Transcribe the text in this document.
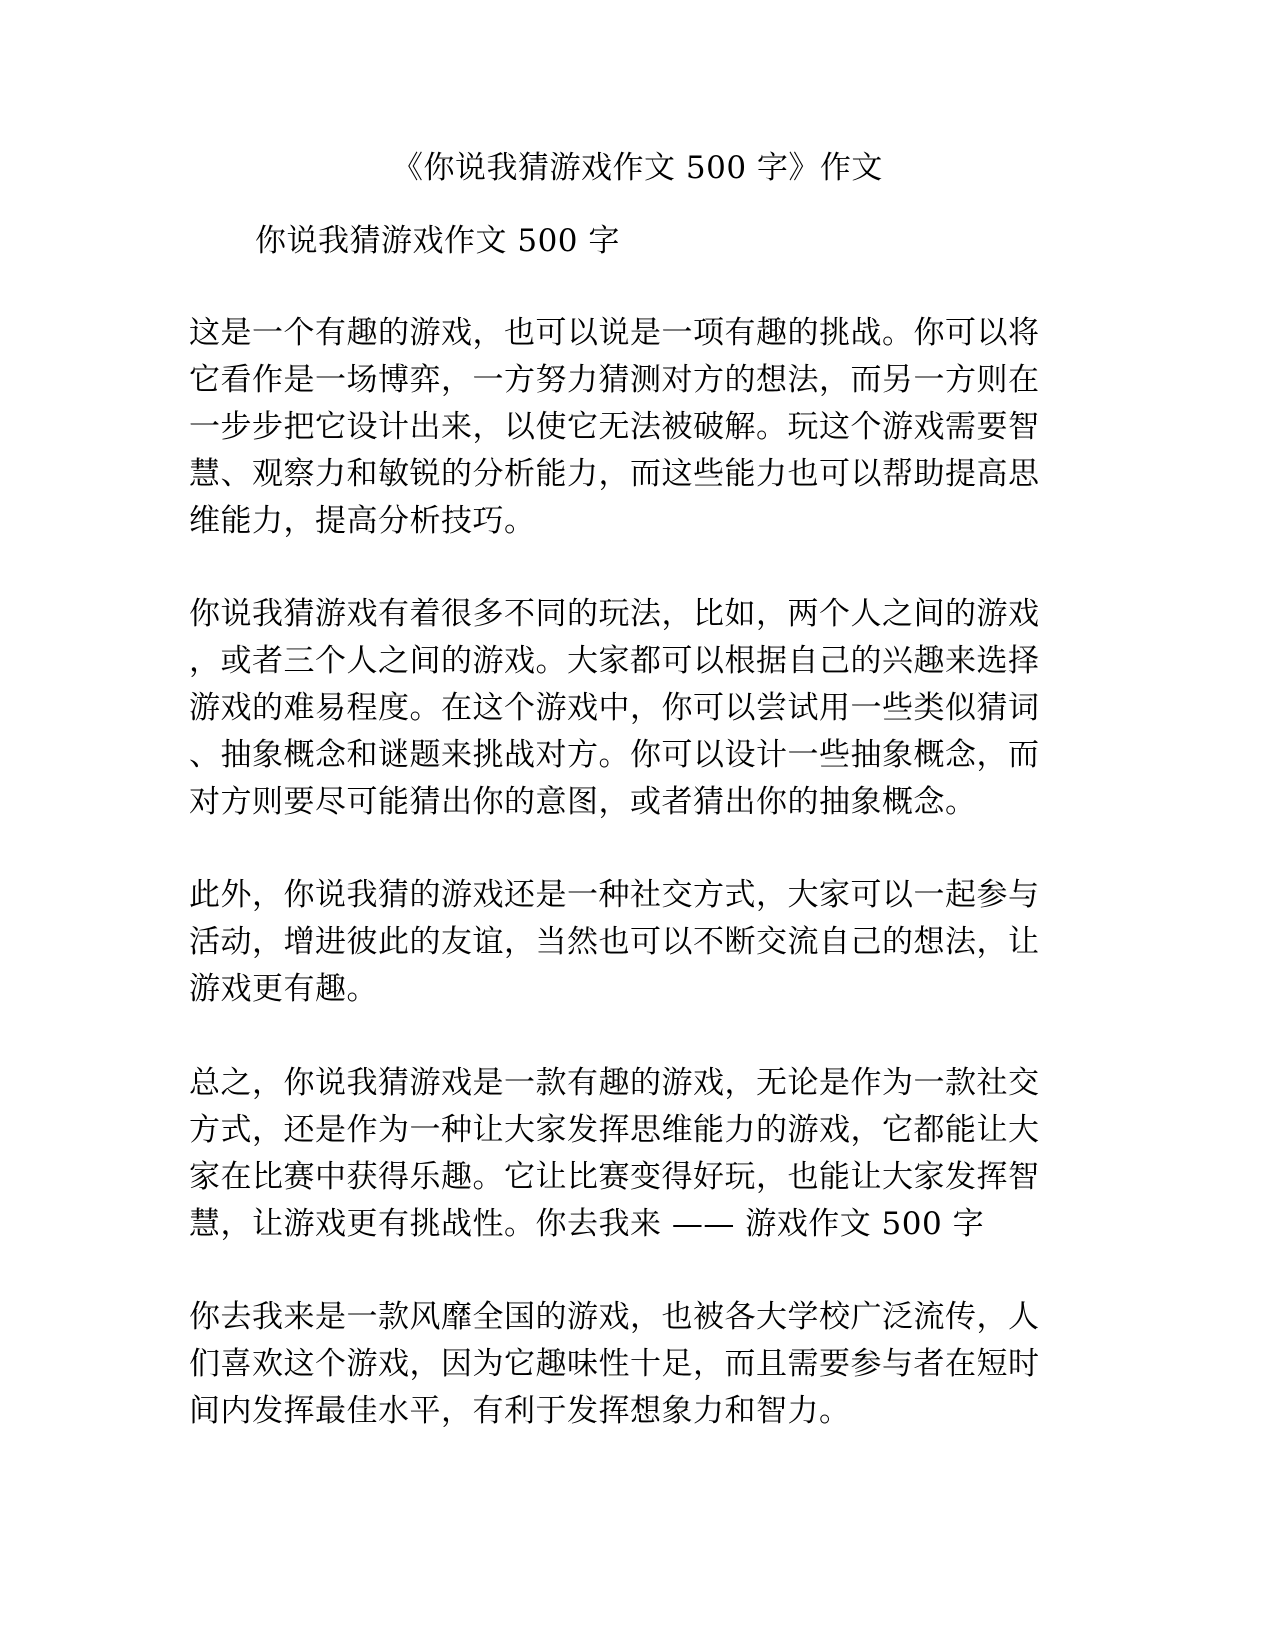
《你说我猜游戏作文 500 字》作文

你说我猜游戏作文 500 字

这是一个有趣的游戏，也可以说是一项有趣的挑战。你可以将

它看作是一场博弈，一方努力猜测对方的想法，而另一方则在

一步步把它设计出来，以使它无法被破解。玩这个游戏需要智

慧、观察力和敏锐的分析能力，而这些能力也可以帮助提高思

维能力，提高分析技巧。

你说我猜游戏有着很多不同的玩法，比如，两个人之间的游戏

，或者三个人之间的游戏。大家都可以根据自己的兴趣来选择

游戏的难易程度。在这个游戏中，你可以尝试用一些类似猜词

、抽象概念和谜题来挑战对方。你可以设计一些抽象概念，而

对方则要尽可能猜出你的意图，或者猜出你的抽象概念。

此外，你说我猜的游戏还是一种社交方式，大家可以一起参与

活动，增进彼此的友谊，当然也可以不断交流自己的想法，让

游戏更有趣。

总之，你说我猜游戏是一款有趣的游戏，无论是作为一款社交

方式，还是作为一种让大家发挥思维能力的游戏，它都能让大

家在比赛中获得乐趣。它让比赛变得好玩，也能让大家发挥智

慧，让游戏更有挑战性。你去我来 —— 游戏作文 500 字

你去我来是一款风靡全国的游戏，也被各大学校广泛流传，人

们喜欢这个游戏，因为它趣味性十足，而且需要参与者在短时

间内发挥最佳水平，有利于发挥想象力和智力。
